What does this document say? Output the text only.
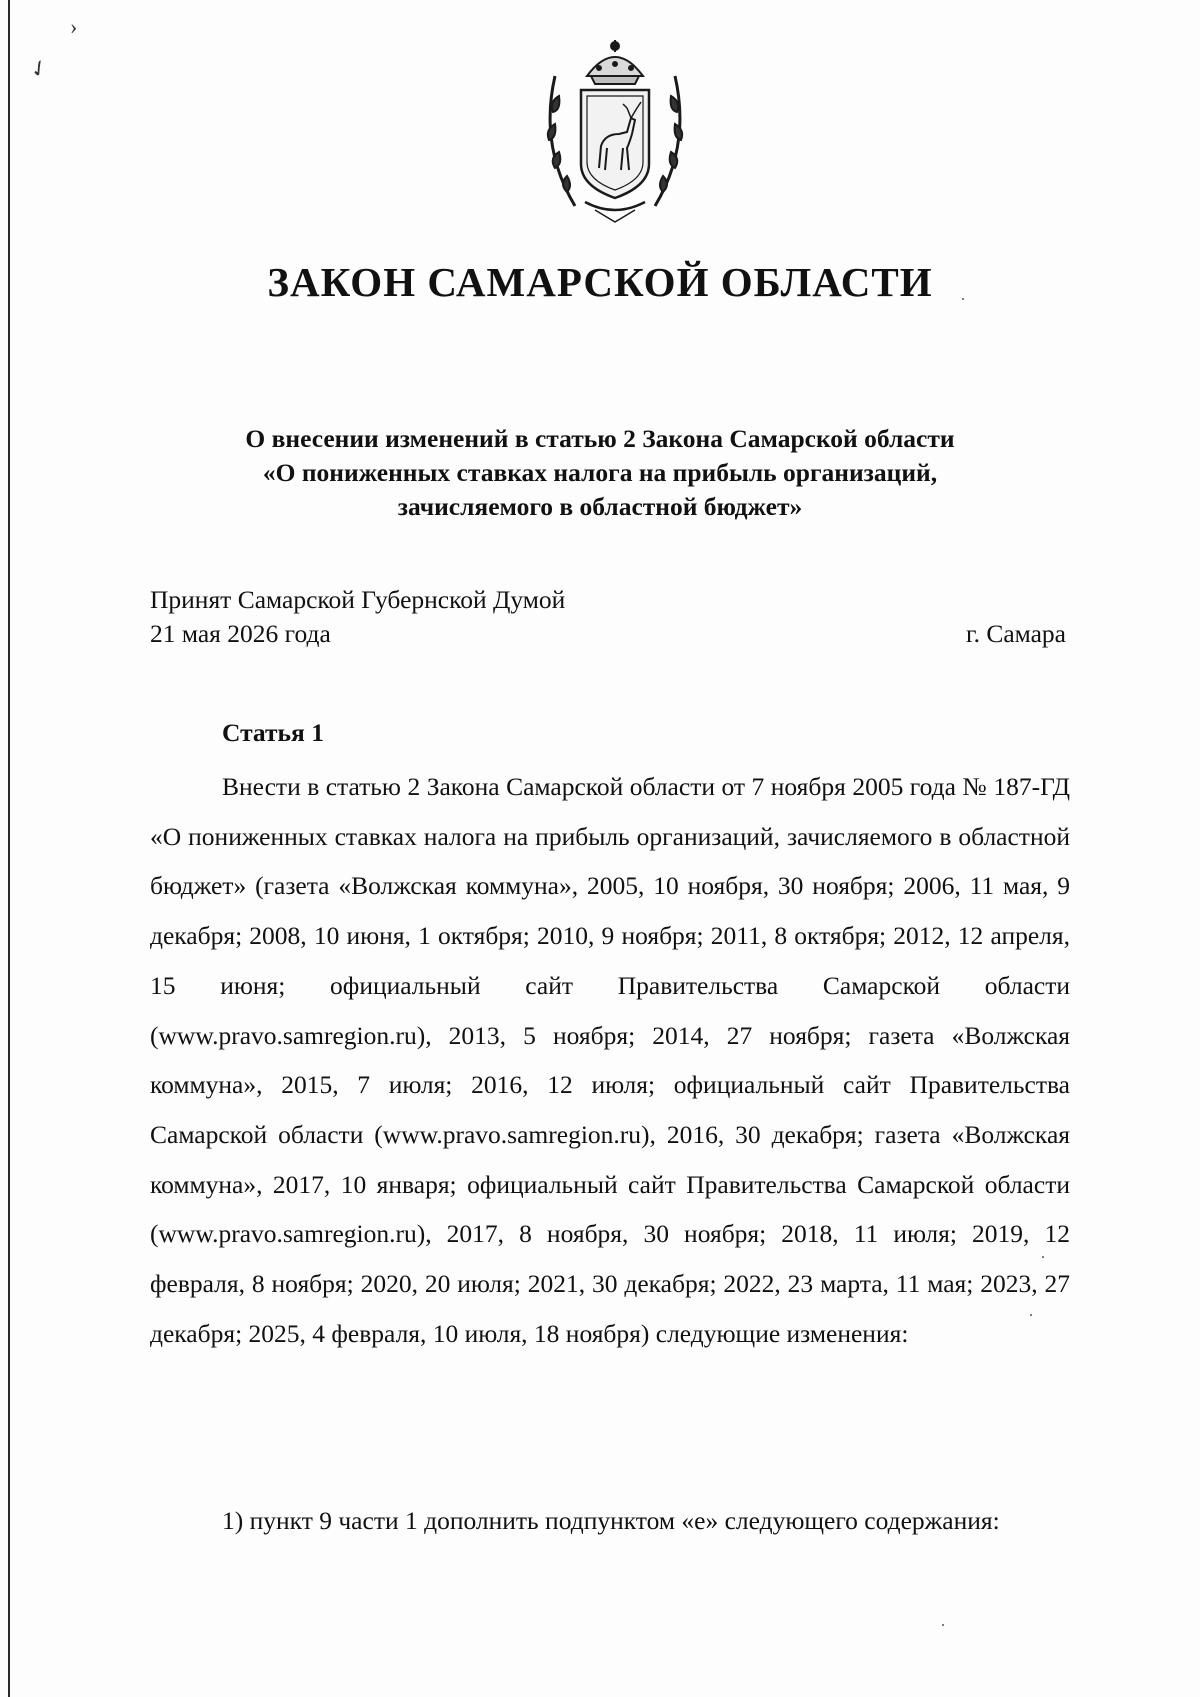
›
✓
ЗАКОН САМАРСКОЙ ОБЛАСТИ
О внесении изменений в статью 2 Закона Самарской области
«О пониженных ставках налога на прибыль организаций,
зачисляемого в областной бюджет»
Принят Самарской Губернской Думой
21 мая 2026 года	г. Самара
Статья 1

Внести в статью 2 Закона Самарской области от 7 ноября 2005 года № 187-ГД «О пониженных ставках налога на прибыль организаций, зачисляемого в областной бюджет» (газета «Волжская коммуна», 2005, 10 ноября, 30 ноября; 2006, 11 мая, 9 декабря; 2008, 10 июня, 1 октября; 2010, 9 ноября; 2011, 8 октября; 2012, 12 апреля, 15 июня; официальный сайт Правительства Самарской области (www.pravo.samregion.ru), 2013, 5 ноября; 2014, 27 ноября; газета «Волжская коммуна», 2015, 7 июля; 2016, 12 июля; официальный сайт Правительства Самарской области (www.pravo.samregion.ru), 2016, 30 декабря; газета «Волжская коммуна», 2017, 10 января; официальный сайт Правительства Самарской области (www.pravo.samregion.ru), 2017, 8 ноября, 30 ноября; 2018, 11 июля; 2019, 12 февраля, 8 ноября; 2020, 20 июля; 2021, 30 декабря; 2022, 23 марта, 11 мая; 2023, 27 декабря; 2025, 4 февраля, 10 июля, 18 ноября) следующие изменения:

1) пункт 9 части 1 дополнить подпунктом «е» следующего содержания:
